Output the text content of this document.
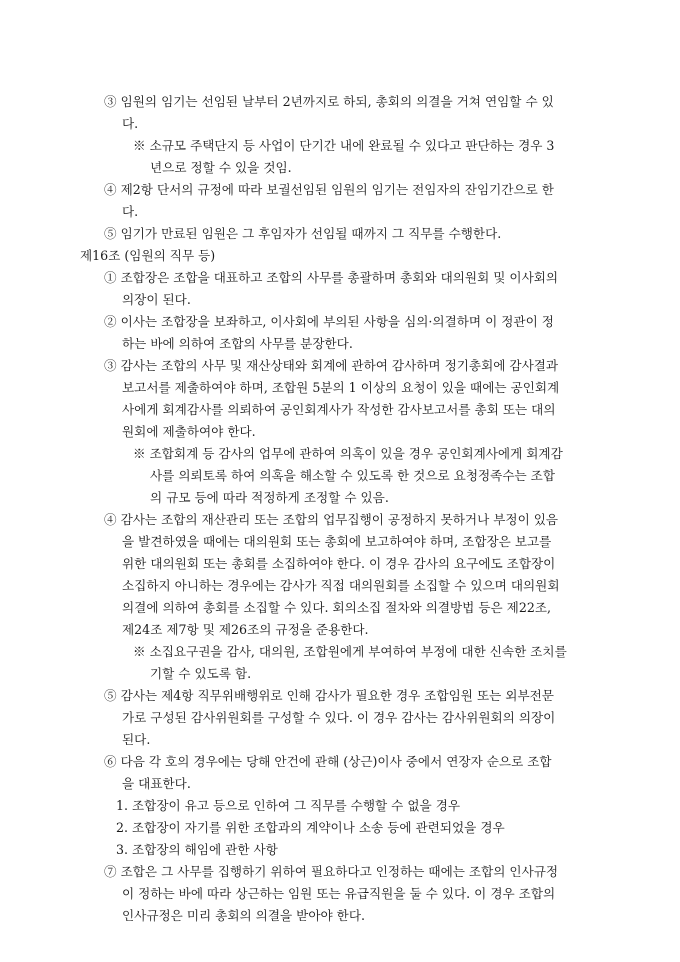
③ 임원의 임기는 선임된 날부터 2년까지로 하되, 총회의 의결을 거쳐 연임할 수 있
다.
※ 소규모 주택단지 등 사업이 단기간 내에 완료될 수 있다고 판단하는 경우 3
년으로 정할 수 있을 것임.
④ 제2항 단서의 규정에 따라 보궐선임된 임원의 임기는 전임자의 잔임기간으로 한
다.
⑤ 임기가 만료된 임원은 그 후임자가 선임될 때까지 그 직무를 수행한다.
제16조 (임원의 직무 등)
① 조합장은 조합을 대표하고 조합의 사무를 총괄하며 총회와 대의원회 및 이사회의
의장이 된다.
② 이사는 조합장을 보좌하고, 이사회에 부의된 사항을 심의·의결하며 이 정관이 정
하는 바에 의하여 조합의 사무를 분장한다.
③ 감사는 조합의 사무 및 재산상태와 회계에 관하여 감사하며 정기총회에 감사결과
보고서를 제출하여야 하며, 조합원 5분의 1 이상의 요청이 있을 때에는 공인회계
사에게 회계감사를 의뢰하여 공인회계사가 작성한 감사보고서를 총회 또는 대의
원회에 제출하여야 한다.
※ 조합회계 등 감사의 업무에 관하여 의혹이 있을 경우 공인회계사에게 회계감
사를 의뢰토록 하여 의혹을 해소할 수 있도록 한 것으로 요청정족수는 조합
의 규모 등에 따라 적정하게 조정할 수 있음.
④ 감사는 조합의 재산관리 또는 조합의 업무집행이 공정하지 못하거나 부정이 있음
을 발견하였을 때에는 대의원회 또는 총회에 보고하여야 하며, 조합장은 보고를
위한 대의원회 또는 총회를 소집하여야 한다. 이 경우 감사의 요구에도 조합장이
소집하지 아니하는 경우에는 감사가 직접 대의원회를 소집할 수 있으며 대의원회
의결에 의하여 총회를 소집할 수 있다. 회의소집 절차와 의결방법 등은 제22조,
제24조 제7항 및 제26조의 규정을 준용한다.
※ 소집요구권을 감사, 대의원, 조합원에게 부여하여 부정에 대한 신속한 조치를
기할 수 있도록 함.
⑤ 감사는 제4항 직무위배행위로 인해 감사가 필요한 경우 조합임원 또는 외부전문
가로 구성된 감사위원회를 구성할 수 있다. 이 경우 감사는 감사위원회의 의장이
된다.
⑥ 다음 각 호의 경우에는 당해 안건에 관해 (상근)이사 중에서 연장자 순으로 조합
을 대표한다.
1. 조합장이 유고 등으로 인하여 그 직무를 수행할 수 없을 경우
2. 조합장이 자기를 위한 조합과의 계약이나 소송 등에 관련되었을 경우
3. 조합장의 해임에 관한 사항
⑦ 조합은 그 사무를 집행하기 위하여 필요하다고 인정하는 때에는 조합의 인사규정
이 정하는 바에 따라 상근하는 임원 또는 유급직원을 둘 수 있다. 이 경우 조합의
인사규정은 미리 총회의 의결을 받아야 한다.
